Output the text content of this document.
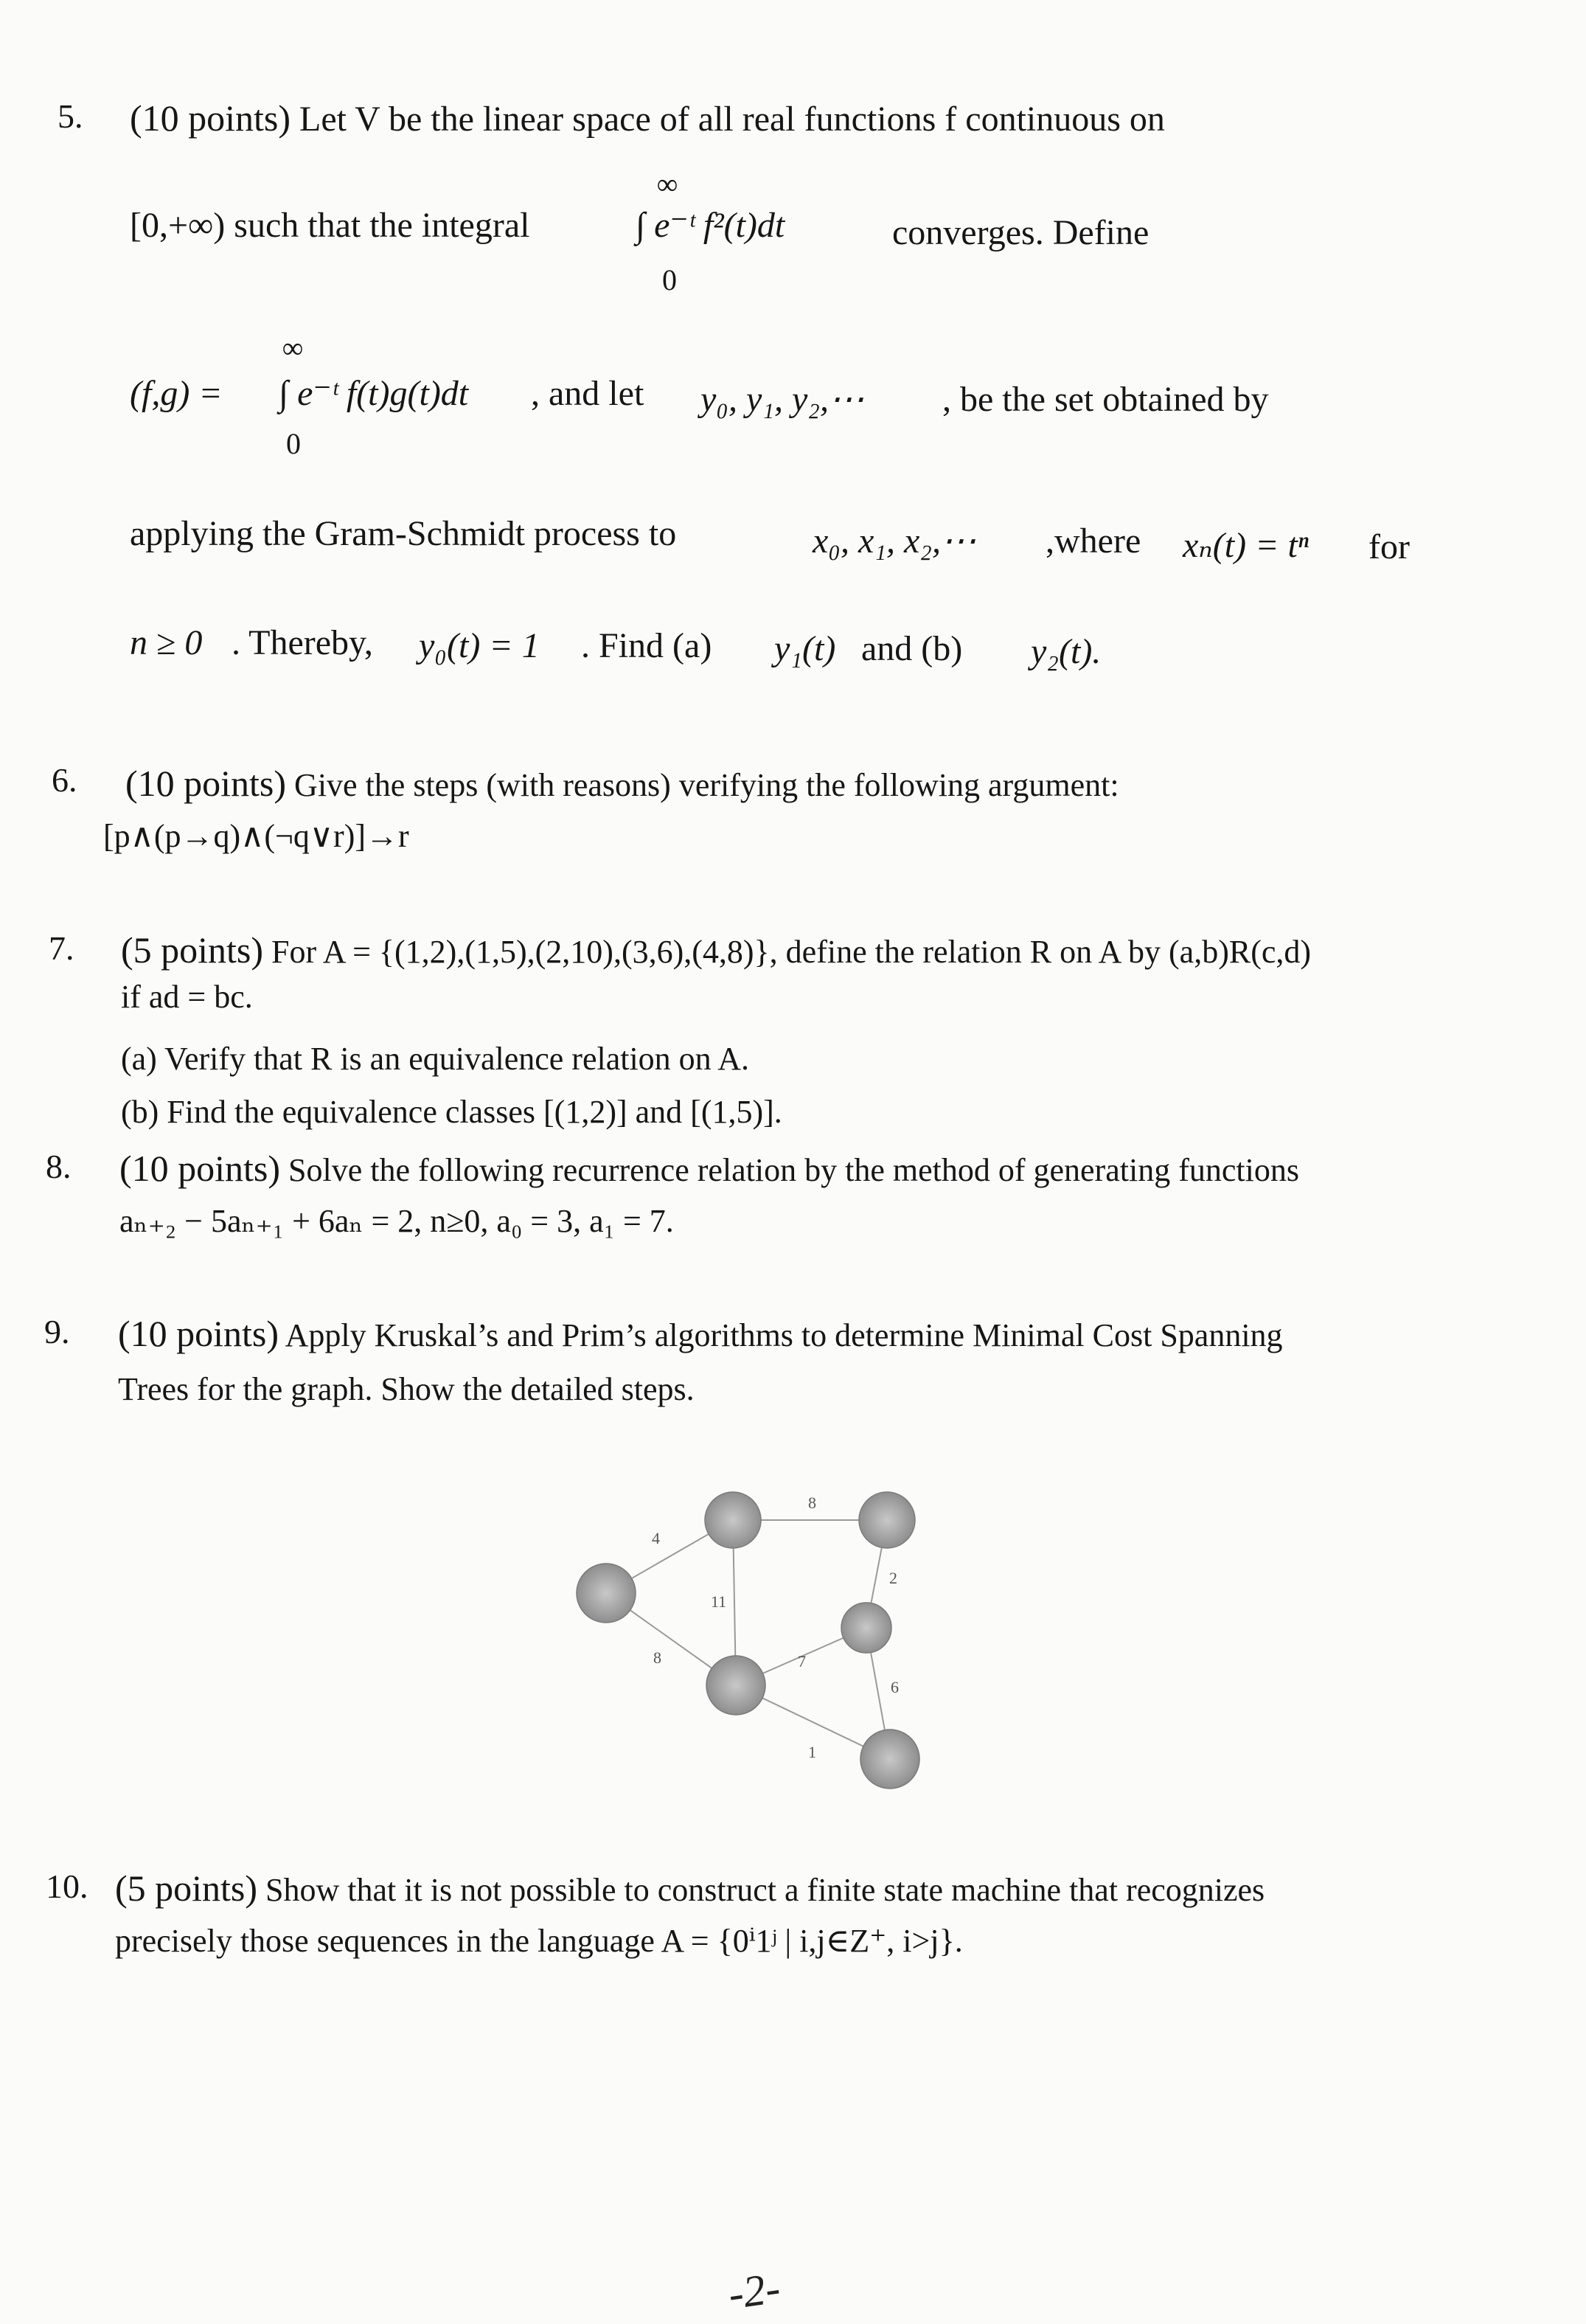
5. (10 points) Let V be the linear space of all real functions f continuous on
[0,+∞) such that the integral
∞
∫ e⁻ᵗ f²(t)dt
0
converges. Define
∞
(f,g) = ∫ e⁻ᵗ f(t)g(t)dt
0
, and let y₀, y₁, y₂,⋯ , be the set obtained by
applying the Gram-Schmidt process to	x₀, x₁, x₂,⋯ ,where xₙ(t) = tⁿ for
n ≥ 0 . Thereby, y₀(t) = 1 . Find (a) y₁(t) and (b) y₂(t).
6. (10 points) Give the steps (with reasons) verifying the following argument:
[p∧(p→q)∧(¬q∨r)]→r
7. (5 points) For A = {(1,2),(1,5),(2,10),(3,6),(4,8)}, define the relation R on A by (a,b)R(c,d)
if ad = bc.
(a) Verify that R is an equivalence relation on A.
(b) Find the equivalence classes [(1,2)] and [(1,5)].
8. (10 points) Solve the following recurrence relation by the method of generating functions
aₙ₊₂ − 5aₙ₊₁ + 6aₙ = 2, n≥0, a₀ = 3, a₁ = 7.
9. (10 points) Apply Kruskal’s and Prim’s algorithms to determine Minimal Cost Spanning
Trees for the graph. Show the detailed steps.
4
8
11
8
7
2
6
1
10. (5 points) Show that it is not possible to construct a finite state machine that recognizes
precisely those sequences in the language A = {0ⁱ1ʲ | i,j∈Z⁺, i>j}.
-2-
